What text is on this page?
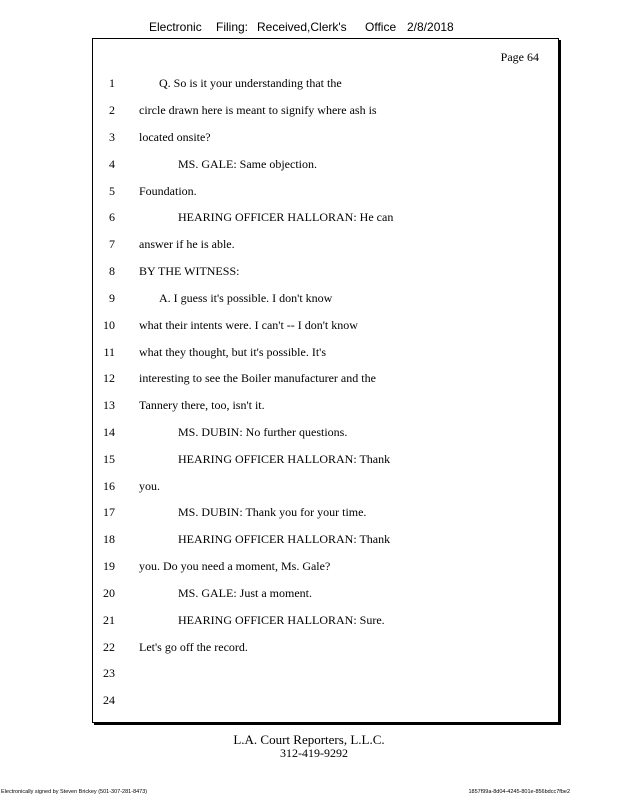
Electronic Filing: Received,Clerk's Office 2/8/2018
Page 64
1	Q. So is it your understanding that the
2 circle drawn here is meant to signify where ash is
3 located onsite?
4	MS. GALE: Same objection.
5 Foundation.
6	HEARING OFFICER HALLORAN: He can
7 answer if he is able.
8 BY THE WITNESS:
9	A. I guess it's possible. I don't know
10 what their intents were. I can't -- I don't know
11 what they thought, but it's possible. It's
12 interesting to see the Boiler manufacturer and the
13 Tannery there, too, isn't it.
14	MS. DUBIN: No further questions.
15	HEARING OFFICER HALLORAN: Thank
16 you.
17	MS. DUBIN: Thank you for your time.
18	HEARING OFFICER HALLORAN: Thank
19 you. Do you need a moment, Ms. Gale?
20	MS. GALE: Just a moment.
21	HEARING OFFICER HALLORAN: Sure.
22 Let's go off the record.
23
24
L.A. Court Reporters, L.L.C.
312-419-9292
Electronically signed by Steven Brickey (501-307-281-8473)	1857f99a-8d04-4245-801e-856bdcc7fbe2
